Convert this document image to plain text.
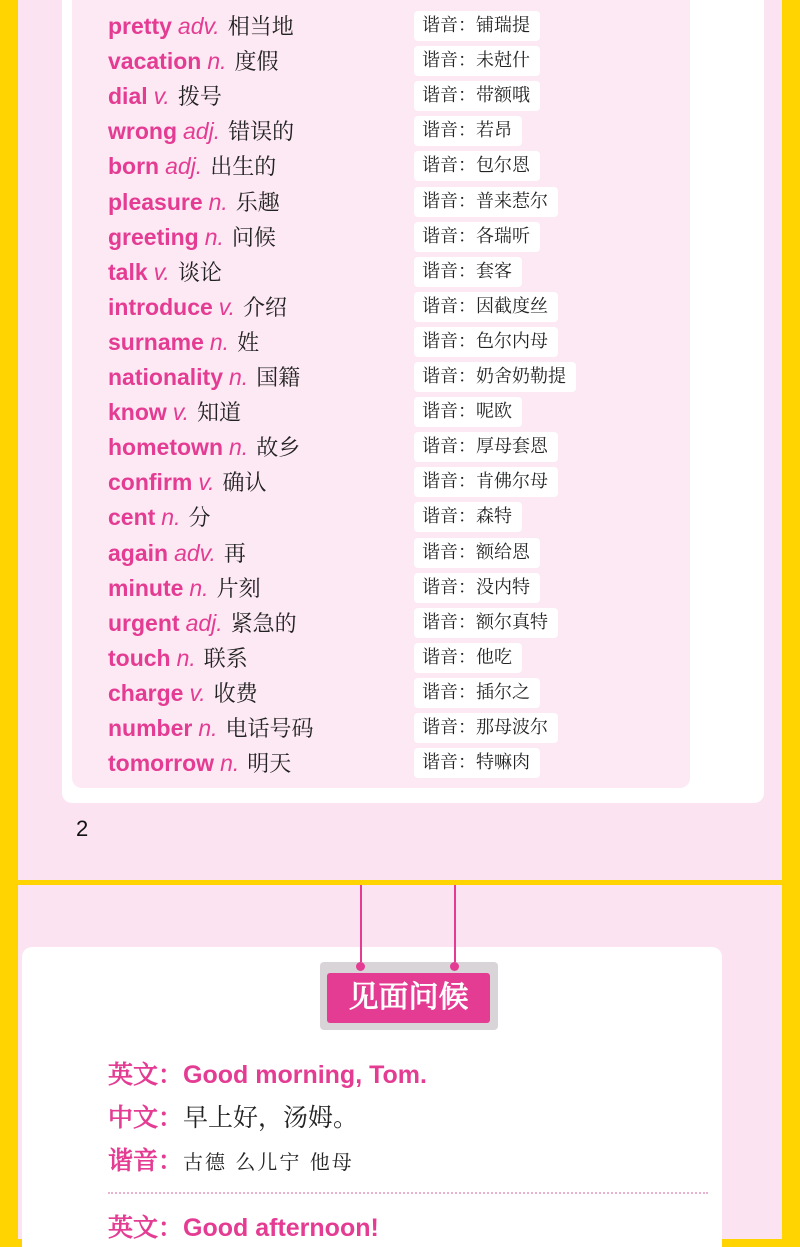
pretty adv. 相当地	谐音：铺瑞提
vacation n. 度假	谐音：未尅什
dial v. 拨号	谐音：带额哦
wrong adj. 错误的	谐音：若昂
born adj. 出生的	谐音：包尔恩
pleasure n. 乐趣	谐音：普来惹尔
greeting n. 问候	谐音：各瑞听
talk v. 谈论	谐音：套客
introduce v. 介绍	谐音：因截度丝
surname n. 姓	谐音：色尔内母
nationality n. 国籍	谐音：奶舍奶勒提
know v. 知道	谐音：呢欧
hometown n. 故乡	谐音：厚母套恩
confirm v. 确认	谐音：肯佛尔母
cent n. 分	谐音：森特
again adv. 再	谐音：额给恩
minute n. 片刻	谐音：没内特
urgent adj. 紧急的	谐音：额尔真特
touch n. 联系	谐音：他吃
charge v. 收费	谐音：插尔之
number n. 电话号码	谐音：那母波尔
tomorrow n. 明天	谐音：特嘛肉
2
见面问候
英文：Good morning, Tom.
中文：早上好，汤姆。
谐音：古德 么儿宁 他母
英文：Good afternoon!
